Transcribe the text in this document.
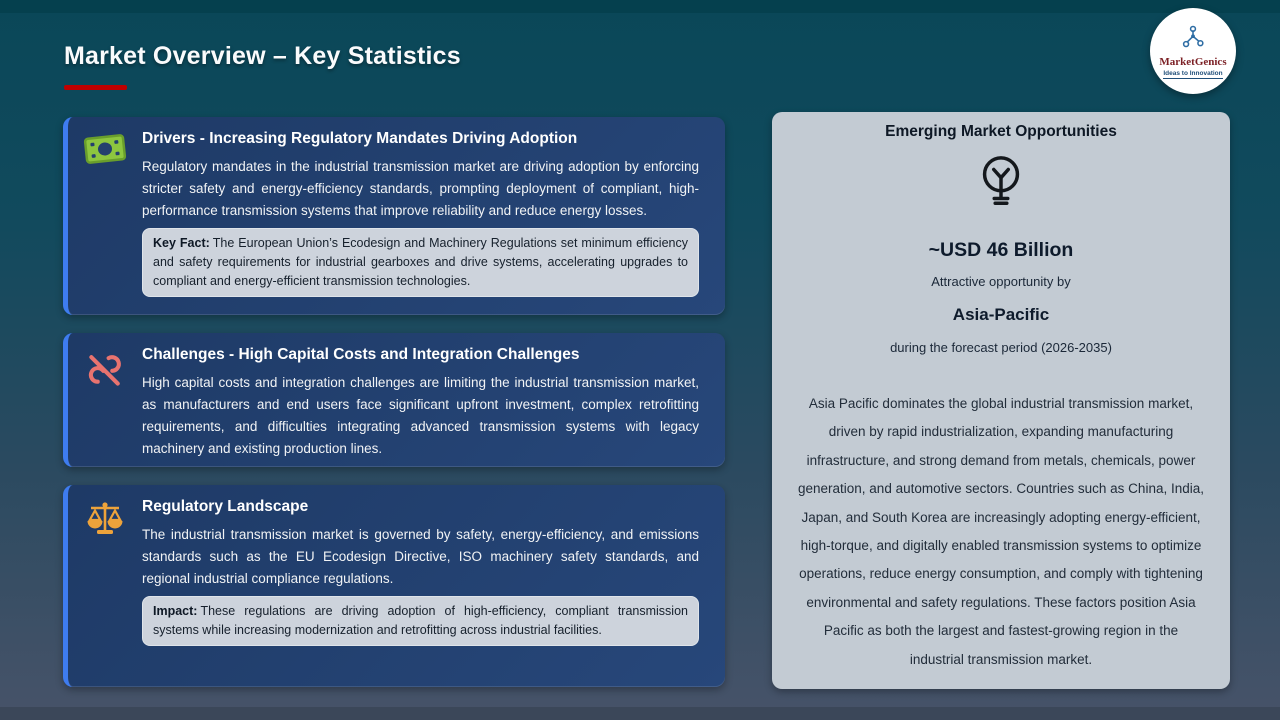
Market Overview – Key Statistics	MarketGenics
Ideas to Innovation
Drivers - Increasing Regulatory Mandates Driving Adoption

Regulatory mandates in the industrial transmission market are driving adoption by enforcing stricter safety and energy-efficiency standards, prompting deployment of compliant, high-performance transmission systems that improve reliability and reduce energy losses.

Key Fact: The European Union’s Ecodesign and Machinery Regulations set minimum efficiency and safety requirements for industrial gearboxes and drive systems, accelerating upgrades to compliant and energy-efficient transmission technologies.

Challenges - High Capital Costs and Integration Challenges

High capital costs and integration challenges are limiting the industrial transmission market, as manufacturers and end users face significant upfront investment, complex retrofitting requirements, and difficulties integrating advanced transmission systems with legacy machinery and existing production lines.

Regulatory Landscape

The industrial transmission market is governed by safety, energy-efficiency, and emissions standards such as the EU Ecodesign Directive, ISO machinery safety standards, and regional industrial compliance regulations.

Impact: These regulations are driving adoption of high-efficiency, compliant transmission systems while increasing modernization and retrofitting across industrial facilities.

Emerging Market Opportunities
~USD 46 Billion
Attractive opportunity by
Asia-Pacific
during the forecast period (2026-2035)

Asia Pacific dominates the global industrial transmission market, driven by rapid industrialization, expanding manufacturing infrastructure, and strong demand from metals, chemicals, power generation, and automotive sectors. Countries such as China, India, Japan, and South Korea are increasingly adopting energy-efficient, high-torque, and digitally enabled transmission systems to optimize operations, reduce energy consumption, and comply with tightening environmental and safety regulations. These factors position Asia Pacific as both the largest and fastest-growing region in the industrial transmission market.
